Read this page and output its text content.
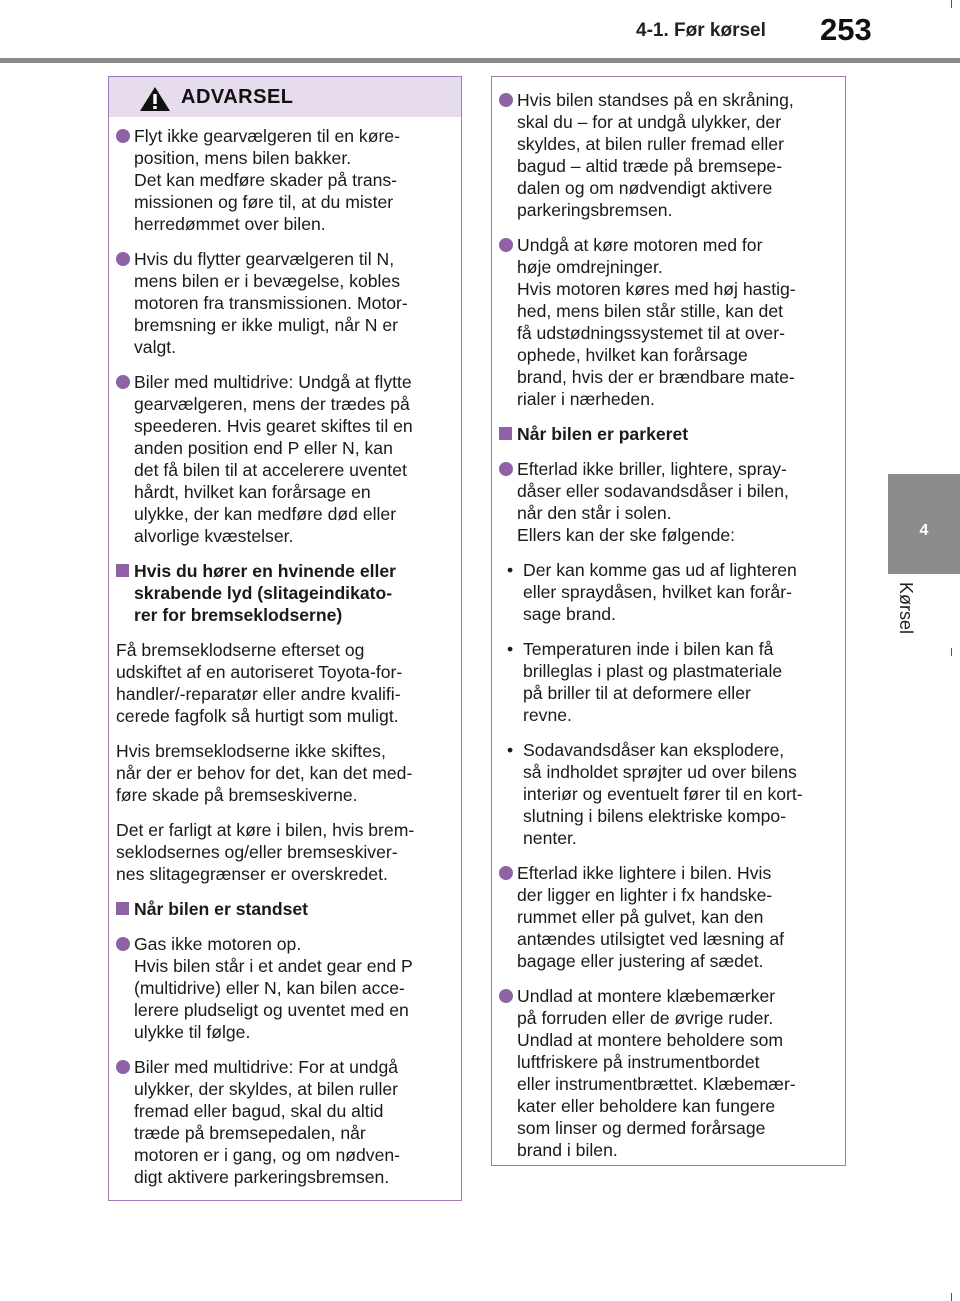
4-1. Før kørsel 253
4
Kørsel
ADVARSEL
Flyt ikke gearvælgeren til en køre-
position, mens bilen bakker.
Det kan medføre skader på trans-
missionen og føre til, at du mister
herredømmet over bilen.
Hvis du flytter gearvælgeren til N,
mens bilen er i bevægelse, kobles
motoren fra transmissionen. Motor-
bremsning er ikke muligt, når N er
valgt.
Biler med multidrive: Undgå at flytte
gearvælgeren, mens der trædes på
speederen. Hvis gearet skiftes til en
anden position end P eller N, kan
det få bilen til at accelerere uventet
hårdt, hvilket kan forårsage en
ulykke, der kan medføre død eller
alvorlige kvæstelser.
Hvis du hører en hvinende eller
skrabende lyd (slitageindikato-
rer for bremseklodserne)
Få bremseklodserne efterset og
udskiftet af en autoriseret Toyota-for-
handler/-reparatør eller andre kvalifi-
cerede fagfolk så hurtigt som muligt.
Hvis bremseklodserne ikke skiftes,
når der er behov for det, kan det med-
føre skade på bremseskiverne.
Det er farligt at køre i bilen, hvis brem-
seklodsernes og/eller bremseskiver-
nes slitagegrænser er overskredet.
Når bilen er standset
Gas ikke motoren op.
Hvis bilen står i et andet gear end P
(multidrive) eller N, kan bilen acce-
lerere pludseligt og uventet med en
ulykke til følge.
Biler med multidrive: For at undgå
ulykker, der skyldes, at bilen ruller
fremad eller bagud, skal du altid
træde på bremsepedalen, når
motoren er i gang, og om nødven-
digt aktivere parkeringsbremsen.
Hvis bilen standses på en skråning,
skal du – for at undgå ulykker, der
skyldes, at bilen ruller fremad eller
bagud – altid træde på bremsepe-
dalen og om nødvendigt aktivere
parkeringsbremsen.
Undgå at køre motoren med for
høje omdrejninger.
Hvis motoren køres med høj hastig-
hed, mens bilen står stille, kan det
få udstødningssystemet til at over-
ophede, hvilket kan forårsage
brand, hvis der er brændbare mate-
rialer i nærheden.
Når bilen er parkeret
Efterlad ikke briller, lightere, spray-
dåser eller sodavandsdåser i bilen,
når den står i solen.
Ellers kan der ske følgende:
• Der kan komme gas ud af lighteren
eller spraydåsen, hvilket kan forår-
sage brand.
• Temperaturen inde i bilen kan få
brilleglas i plast og plastmateriale
på briller til at deformere eller
revne.
• Sodavandsdåser kan eksplodere,
så indholdet sprøjter ud over bilens
interiør og eventuelt fører til en kort-
slutning i bilens elektriske kompo-
nenter.
Efterlad ikke lightere i bilen. Hvis
der ligger en lighter i fx handske-
rummet eller på gulvet, kan den
antændes utilsigtet ved læsning af
bagage eller justering af sædet.
Undlad at montere klæbemærker
på forruden eller de øvrige ruder.
Undlad at montere beholdere som
luftfriskere på instrumentbordet
eller instrumentbrættet. Klæbemær-
kater eller beholdere kan fungere
som linser og dermed forårsage
brand i bilen.
